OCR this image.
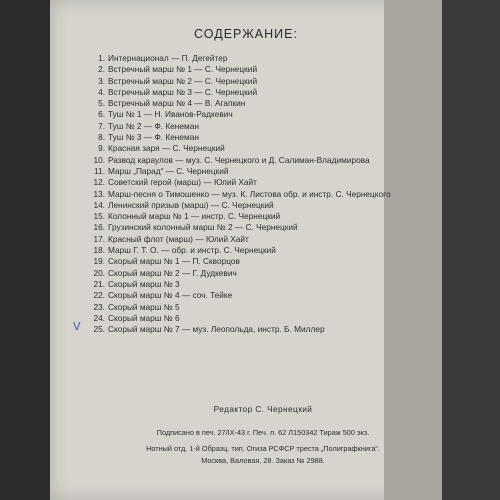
СОДЕРЖАНИЕ:
1. Интернационал — П. Дегейтер
2. Встречный марш № 1 — С. Чернецкий
3. Встречный марш № 2 — С. Чернецкий
4. Встречный марш № 3 — С. Чернецкий
5. Встречный марш № 4 — В. Агапкин
6. Туш № 1 — Н. Иванов-Радкевич
7. Туш № 2 — Ф. Кенеман
8. Туш № 3 — Ф. Кенеман
9. Красная заря — С. Чернецкий
10. Развод караулов — муз. С. Чернецкого и Д. Салиман-Владимирова
11. Марш „Парад“ — С. Чернецкий
12. Советский герой (марш) — Юлий Хайт
13. Марш-песня о Тимошенко — муз. К. Листова обр. и инстр. С. Чернецкого
14. Ленинский призыв (марш) — С. Чернецкий
15. Колонный марш № 1 — инстр. С. Чернецкий
16. Грузинский колонный марш № 2 — С. Чернецкий
17. Красный флот (марш) — Юлий Хайт
18. Марш Г. Т. О. — обр. и инстр. С. Чернецкий
19. Скорый марш № 1 — П. Скворцов
20. Скорый марш № 2 — Г. Дудкевич
21. Скорый марш № 3
22. Скорый марш № 4 — соч. Тейке
23. Скорый марш № 5
24. Скорый марш № 6
25. Скорый марш № 7 — муз. Леопольда, инстр. Б. Миллер
V
Редактор С. Чернецкий
Подписано в печ. 27/IX-43 г. Печ. л. 62 Л150342 Тираж 500 экз.
Нотный отд. 1-й Образц. тип. Огиза РСФСР треста „Полиграфкнига“.
Москва, Валовая, 28. Заказ № 2988.
